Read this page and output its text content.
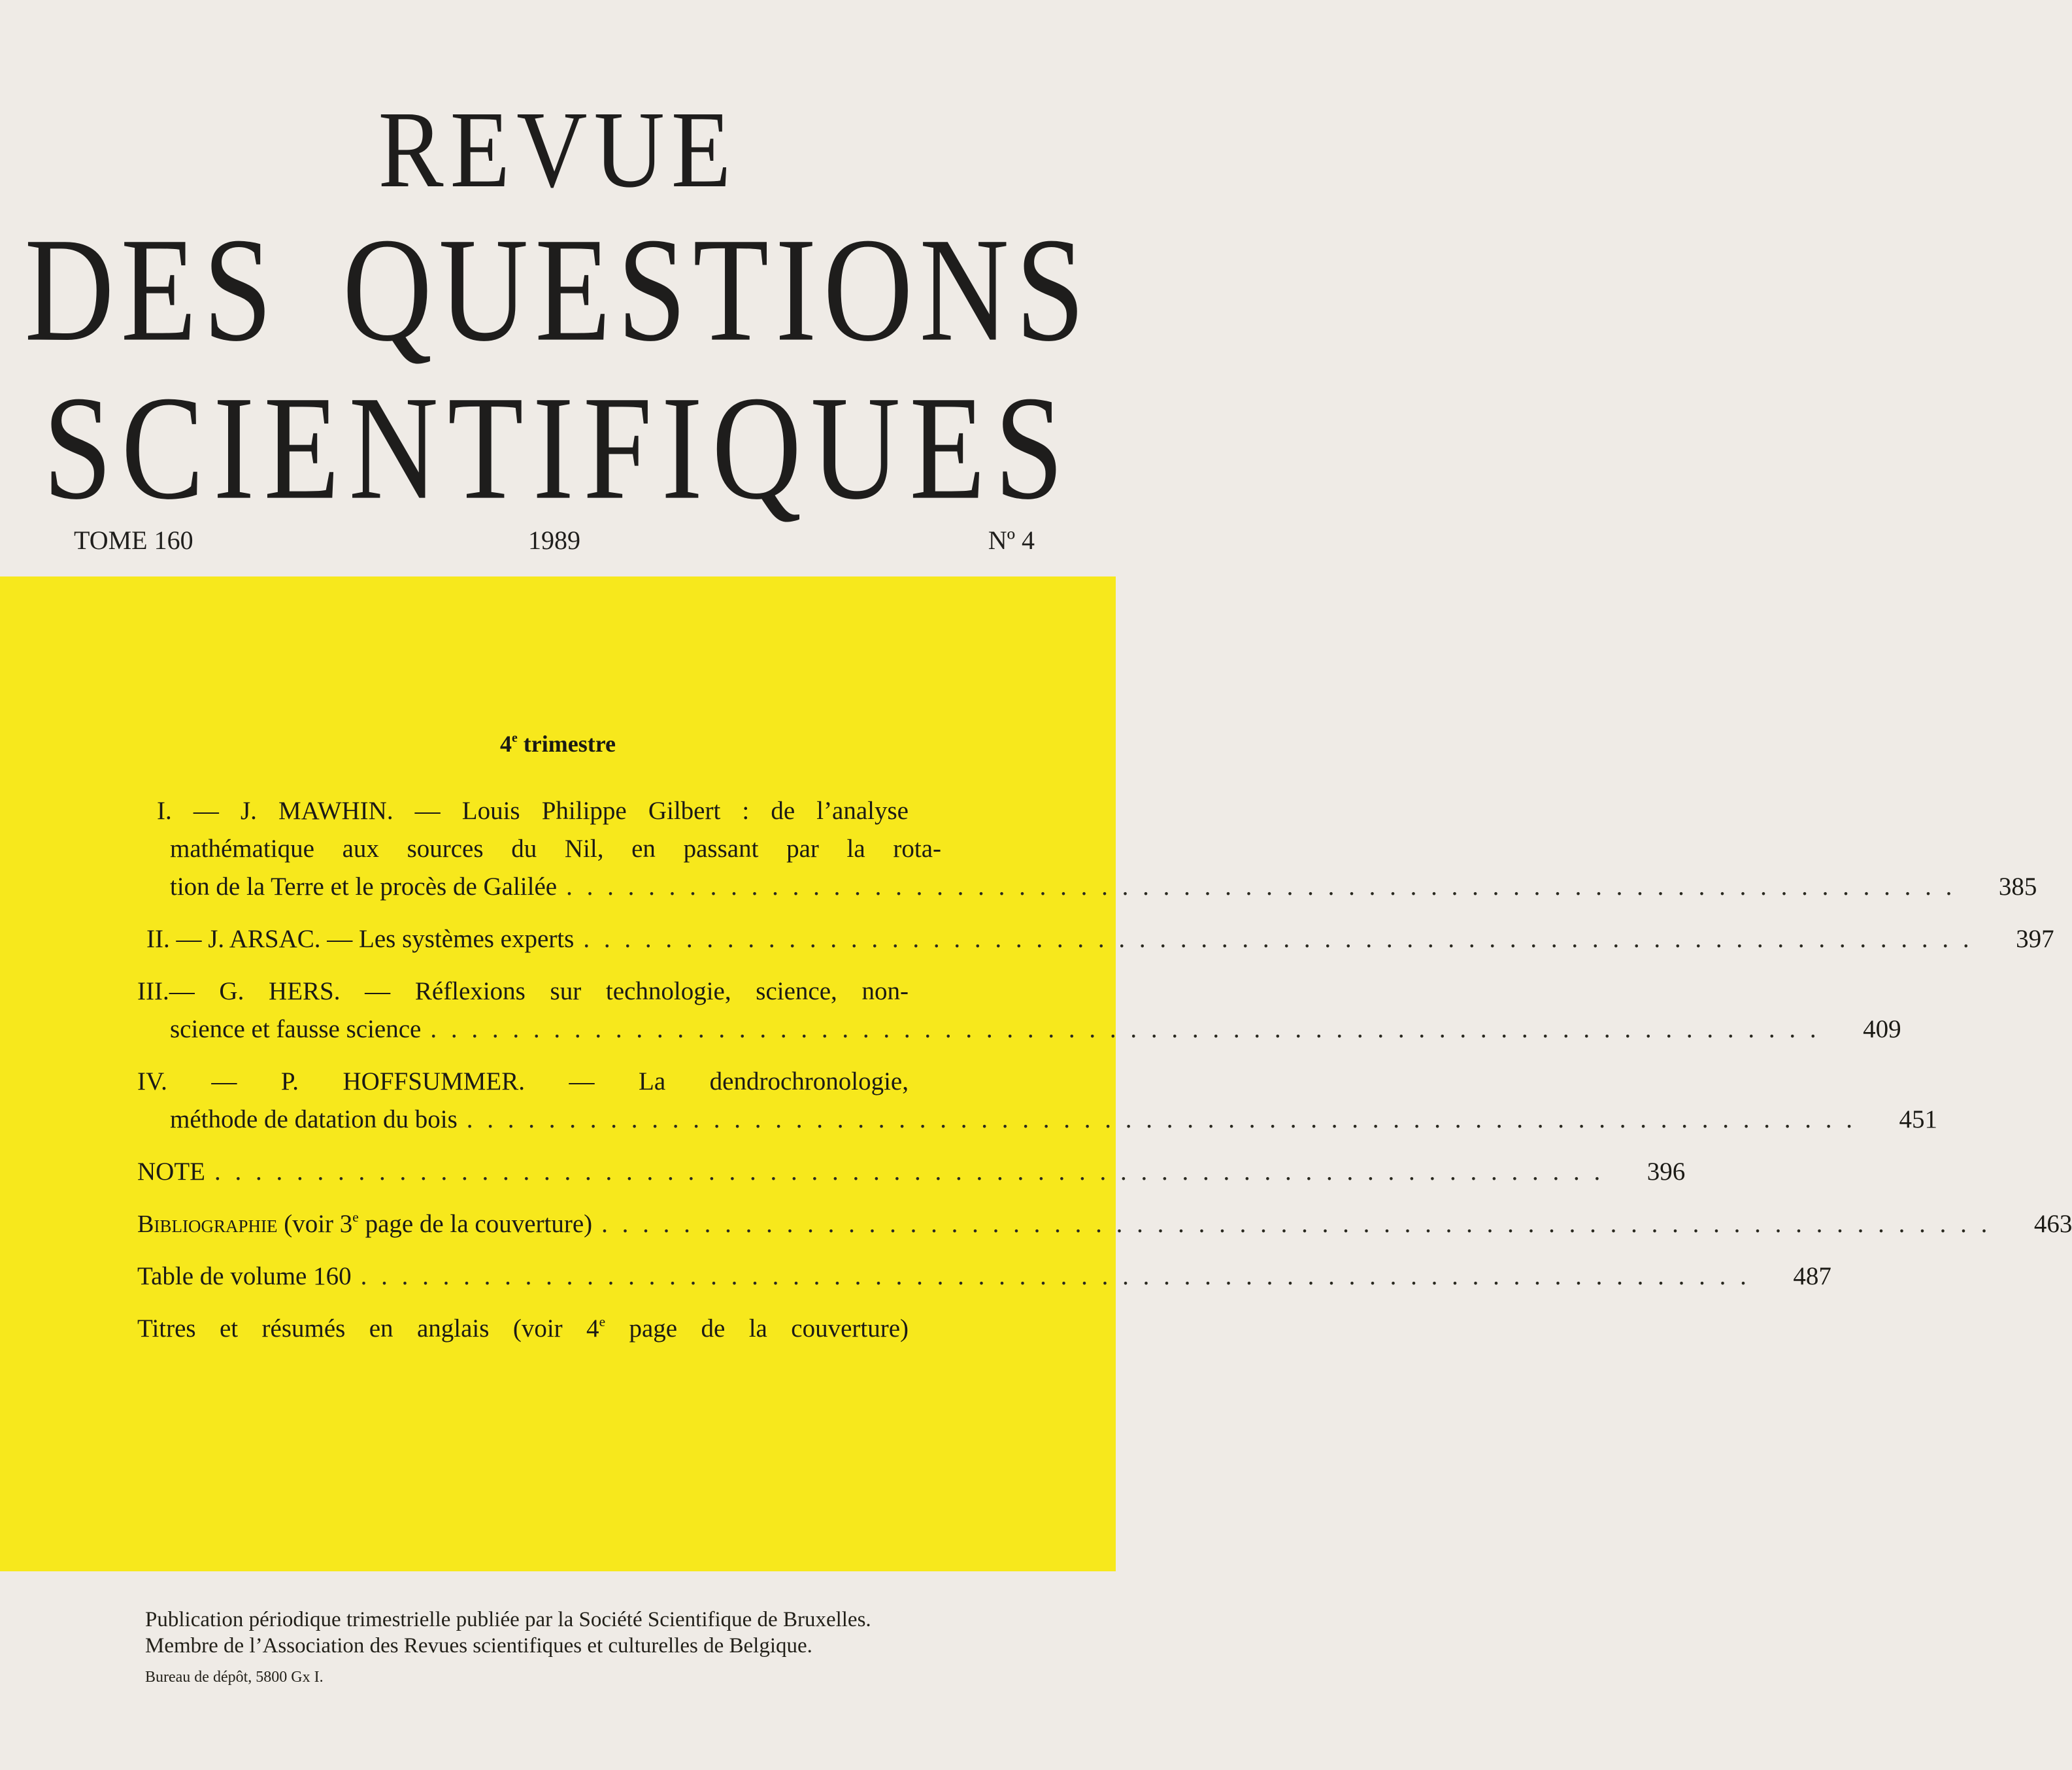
REVUE
DES QUESTIONS
SCIENTIFIQUES
TOME 160	1989	Nº 4
4e trimestre
I. — J. MAWHIN. — Louis Philippe Gilbert : de l’analyse
mathématique aux sources du Nil, en passant par la rota-
tion de la Terre et le procès de Galilée . . . . . . . . . . . . . . . . . . . . . . . . . . . . . . . . . . . . . . . . . . . . . . . . . . . . . . . . . . . . . . . . . . . .	385
II. — J. ARSAC. — Les systèmes experts . . . . . . . . . . . . . . . . . . . . . . . . . . . . . . . . . . . . . . . . . . . . . . . . . . . . . . . . . . . . . . . . . . . .	397
III.— G. HERS. — Réflexions sur technologie, science, non-
science et fausse science . . . . . . . . . . . . . . . . . . . . . . . . . . . . . . . . . . . . . . . . . . . . . . . . . . . . . . . . . . . . . . . . . . . .	409
IV. — P. HOFFSUMMER. — La dendrochronologie,
méthode de datation du bois . . . . . . . . . . . . . . . . . . . . . . . . . . . . . . . . . . . . . . . . . . . . . . . . . . . . . . . . . . . . . . . . . . . .	451
NOTE . . . . . . . . . . . . . . . . . . . . . . . . . . . . . . . . . . . . . . . . . . . . . . . . . . . . . . . . . . . . . . . . . . . .	396
Bibliographie (voir 3e page de la couverture) . . . . . . . . . . . . . . . . . . . . . . . . . . . . . . . . . . . . . . . . . . . . . . . . . . . . . . . . . . . . . . . . . . . .	463
Table de volume 160 . . . . . . . . . . . . . . . . . . . . . . . . . . . . . . . . . . . . . . . . . . . . . . . . . . . . . . . . . . . . . . . . . . . .	487
Titres et résumés en anglais (voir 4e page de la couverture)
Publication périodique trimestrielle publiée par la Société Scientifique de Bruxelles.
Membre de l’Association des Revues scientifiques et culturelles de Belgique.
Bureau de dépôt, 5800 Gx I.
